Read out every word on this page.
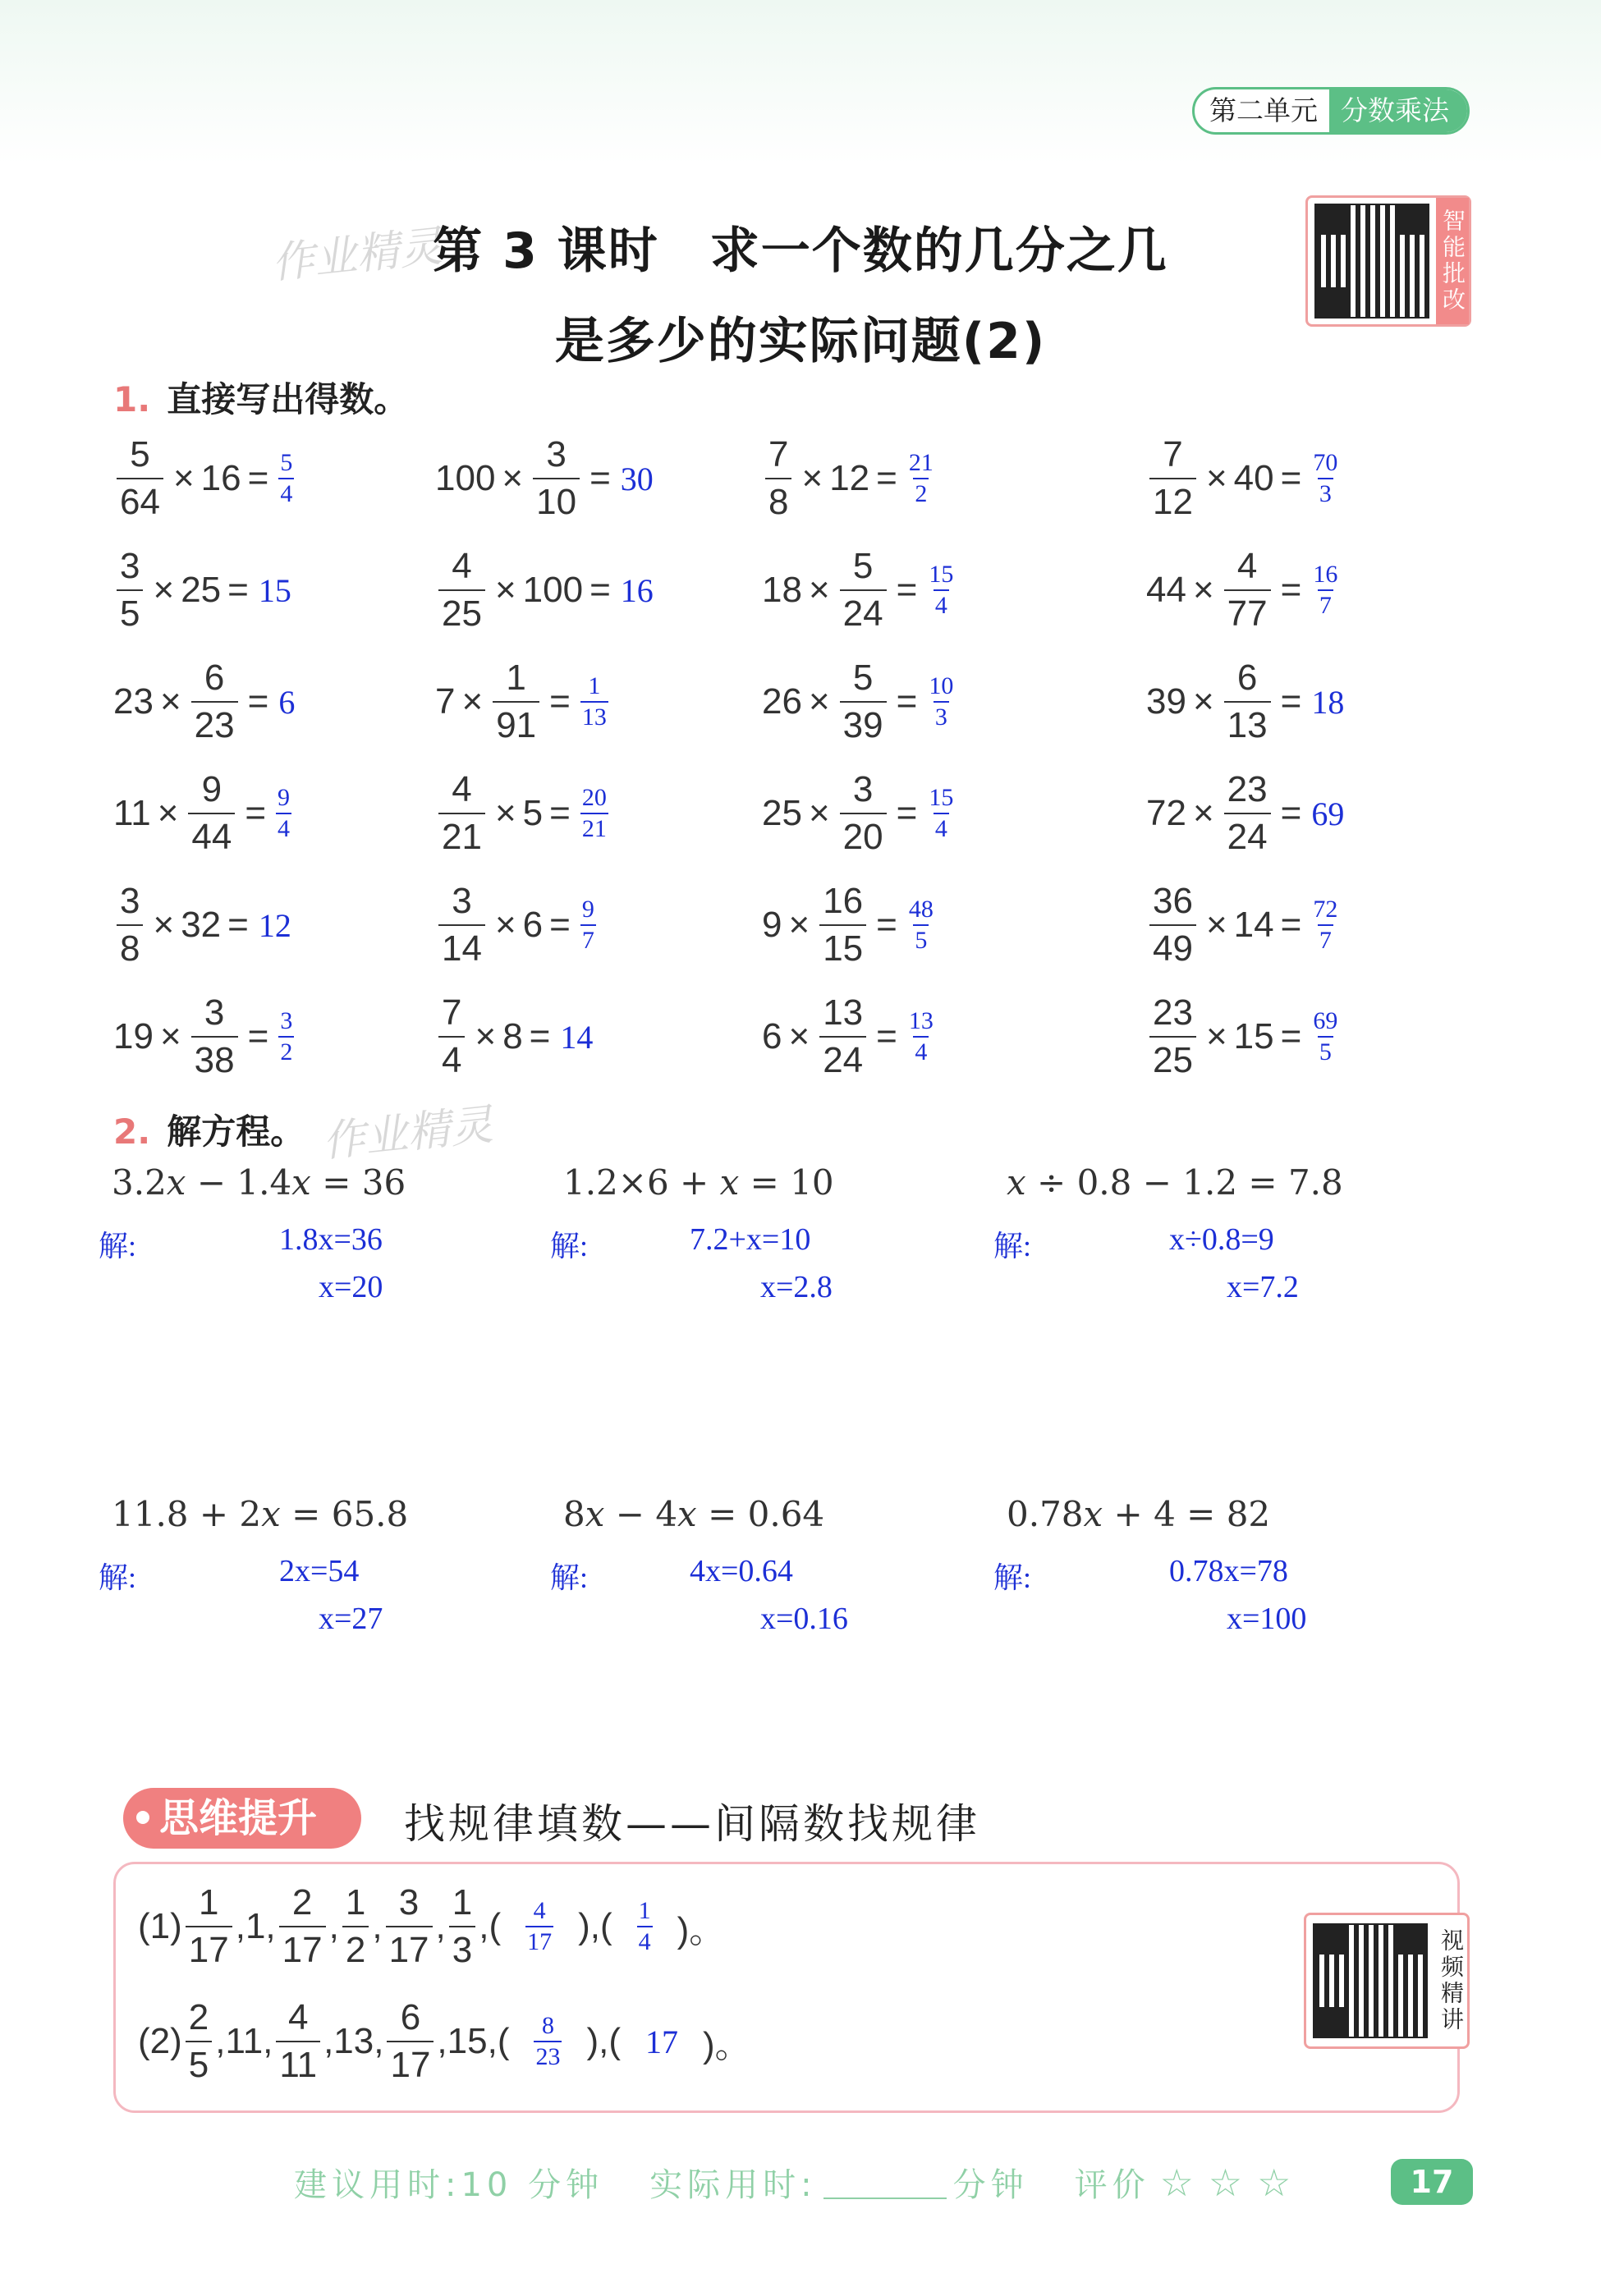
第二单元 分数乘法
作业精灵
作业精灵
第 3 课时　求一个数的几分之几
是多少的实际问题(2)
智能批改
1. 直接写出得数。
$\frac{5}{64} \times 16 = \frac{5}{4}$	$100 \times \frac{3}{10} = 30$	$\frac{7}{8} \times 12 = \frac{21}{2}$	$\frac{7}{12} \times 40 = \frac{70}{3}$
$\frac{3}{5} \times 25 = 15$	$\frac{4}{25} \times 100 = 16$	$18 \times \frac{5}{24} = \frac{15}{4}$	$44 \times \frac{4}{77} = \frac{16}{7}$
$23 \times \frac{6}{23} = 6$	$7 \times \frac{1}{91} = \frac{1}{13}$	$26 \times \frac{5}{39} = \frac{10}{3}$	$39 \times \frac{6}{13} = 18$
$11 \times \frac{9}{44} = \frac{9}{4}$	$\frac{4}{21} \times 5 = \frac{20}{21}$	$25 \times \frac{3}{20} = \frac{15}{4}$	$72 \times \frac{23}{24} = 69$
$\frac{3}{8} \times 32 = 12$	$\frac{3}{14} \times 6 = \frac{9}{7}$	$9 \times \frac{16}{15} = \frac{48}{5}$	$\frac{36}{49} \times 14 = \frac{72}{7}$
$19 \times \frac{3}{38} = \frac{3}{2}$	$\frac{7}{4} \times 8 = 14$	$6 \times \frac{13}{24} = \frac{13}{4}$	$\frac{23}{25} \times 15 = \frac{69}{5}$
2. 解方程。
3.2x − 1.4x = 36
解:	1.8x=36
x=20
1.2×6 + x = 10
解:	7.2+x=10
x=2.8
x ÷ 0.8 − 1.2 = 7.8
解:	x÷0.8=9
x=7.2
11.8 + 2x = 65.8
解:	2x=54
x=27
8x − 4x = 0.64
解:	4x=0.64
x=0.16
0.78x + 4 = 82
解:	0.78x=78
x=100
思维提升	找规律填数——间隔数找规律
$(1) \frac{1}{17} ,1$, $\frac{2}{17}$ , $\frac{1}{2}$ , $\frac{3}{17}$ , $\frac{1}{3}$ ,( 4
17 ),( 1
4 )。
$(2) \frac{2}{5} ,11$, $\frac{4}{11} ,13$, $\frac{6}{17} ,15$,( 8
23 ),( 17 )。
视频精讲
建议用时:10 分钟 实际用时:	分钟 评价 ☆ ☆ ☆	17
